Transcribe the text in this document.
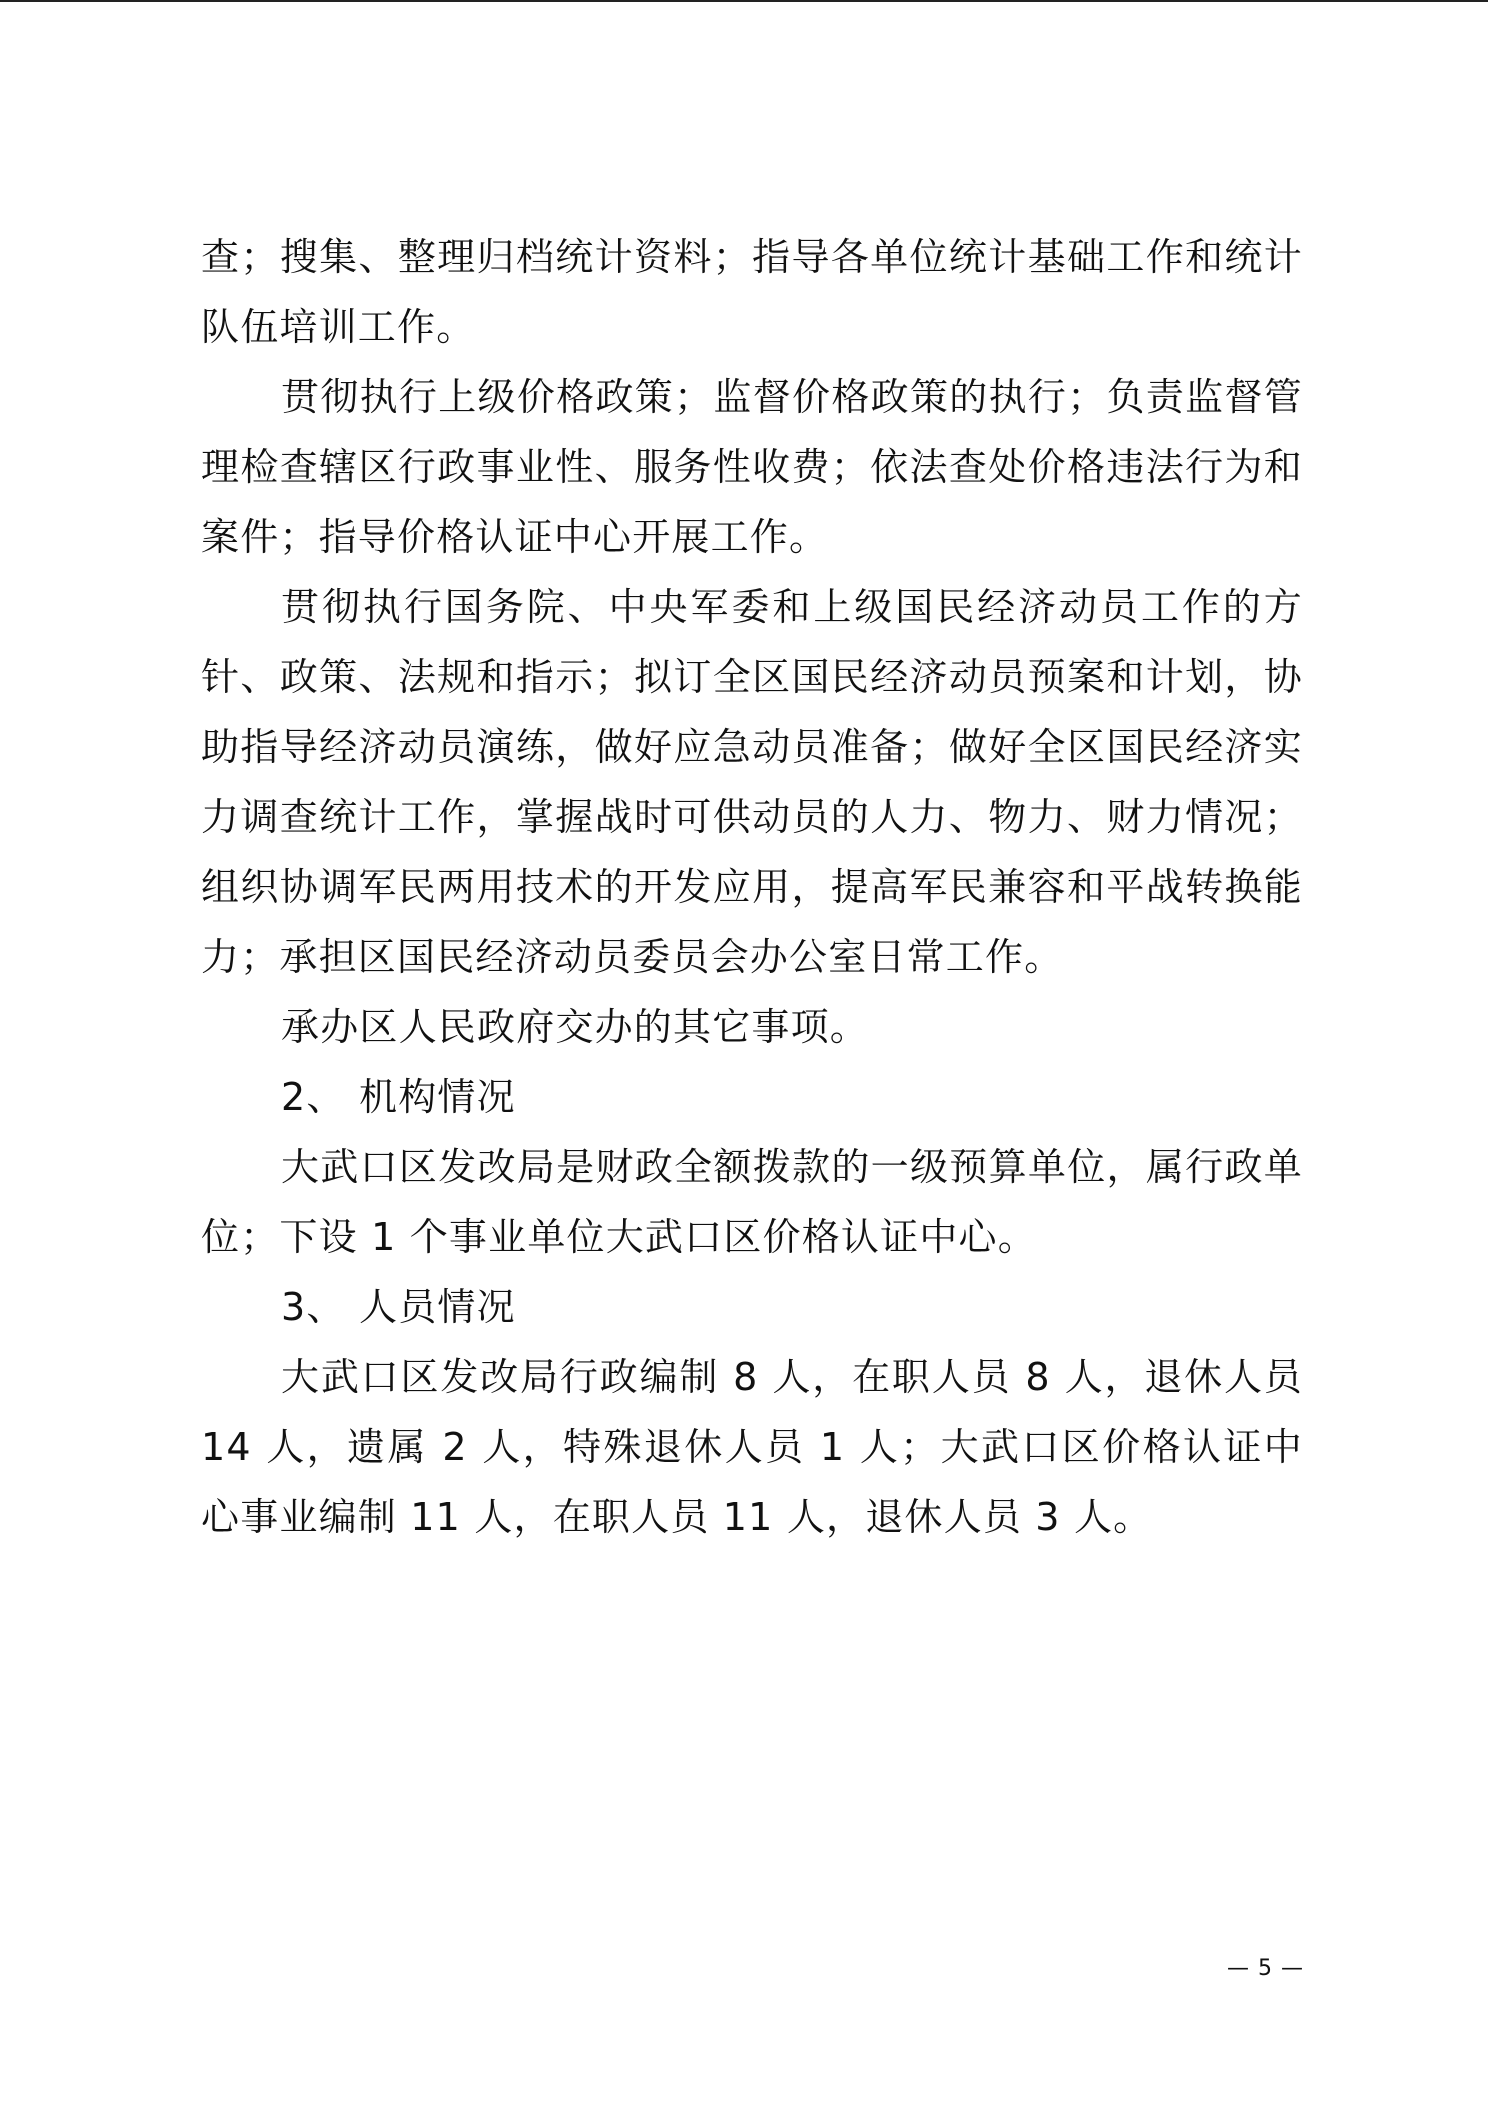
查；搜集、整理归档统计资料；指导各单位统计基础工作和统计队伍培训工作。

贯彻执行上级价格政策；监督价格政策的执行；负责监督管理检查辖区行政事业性、服务性收费；依法查处价格违法行为和案件；指导价格认证中心开展工作。

贯彻执行国务院、中央军委和上级国民经济动员工作的方针、政策、法规和指示；拟订全区国民经济动员预案和计划，协助指导经济动员演练，做好应急动员准备；做好全区国民经济实力调查统计工作，掌握战时可供动员的人力、物力、财力情况；组织协调军民两用技术的开发应用，提高军民兼容和平战转换能力；承担区国民经济动员委员会办公室日常工作。

承办区人民政府交办的其它事项。

2、 机构情况

大武口区发改局是财政全额拨款的一级预算单位，属行政单位；下设 1 个事业单位大武口区价格认证中心。

3、 人员情况

大武口区发改局行政编制 8 人，在职人员 8 人，退休人员 14 人，遗属 2 人，特殊退休人员 1 人；大武口区价格认证中心事业编制 11 人，在职人员 11 人，退休人员 3 人。

— 5 —
